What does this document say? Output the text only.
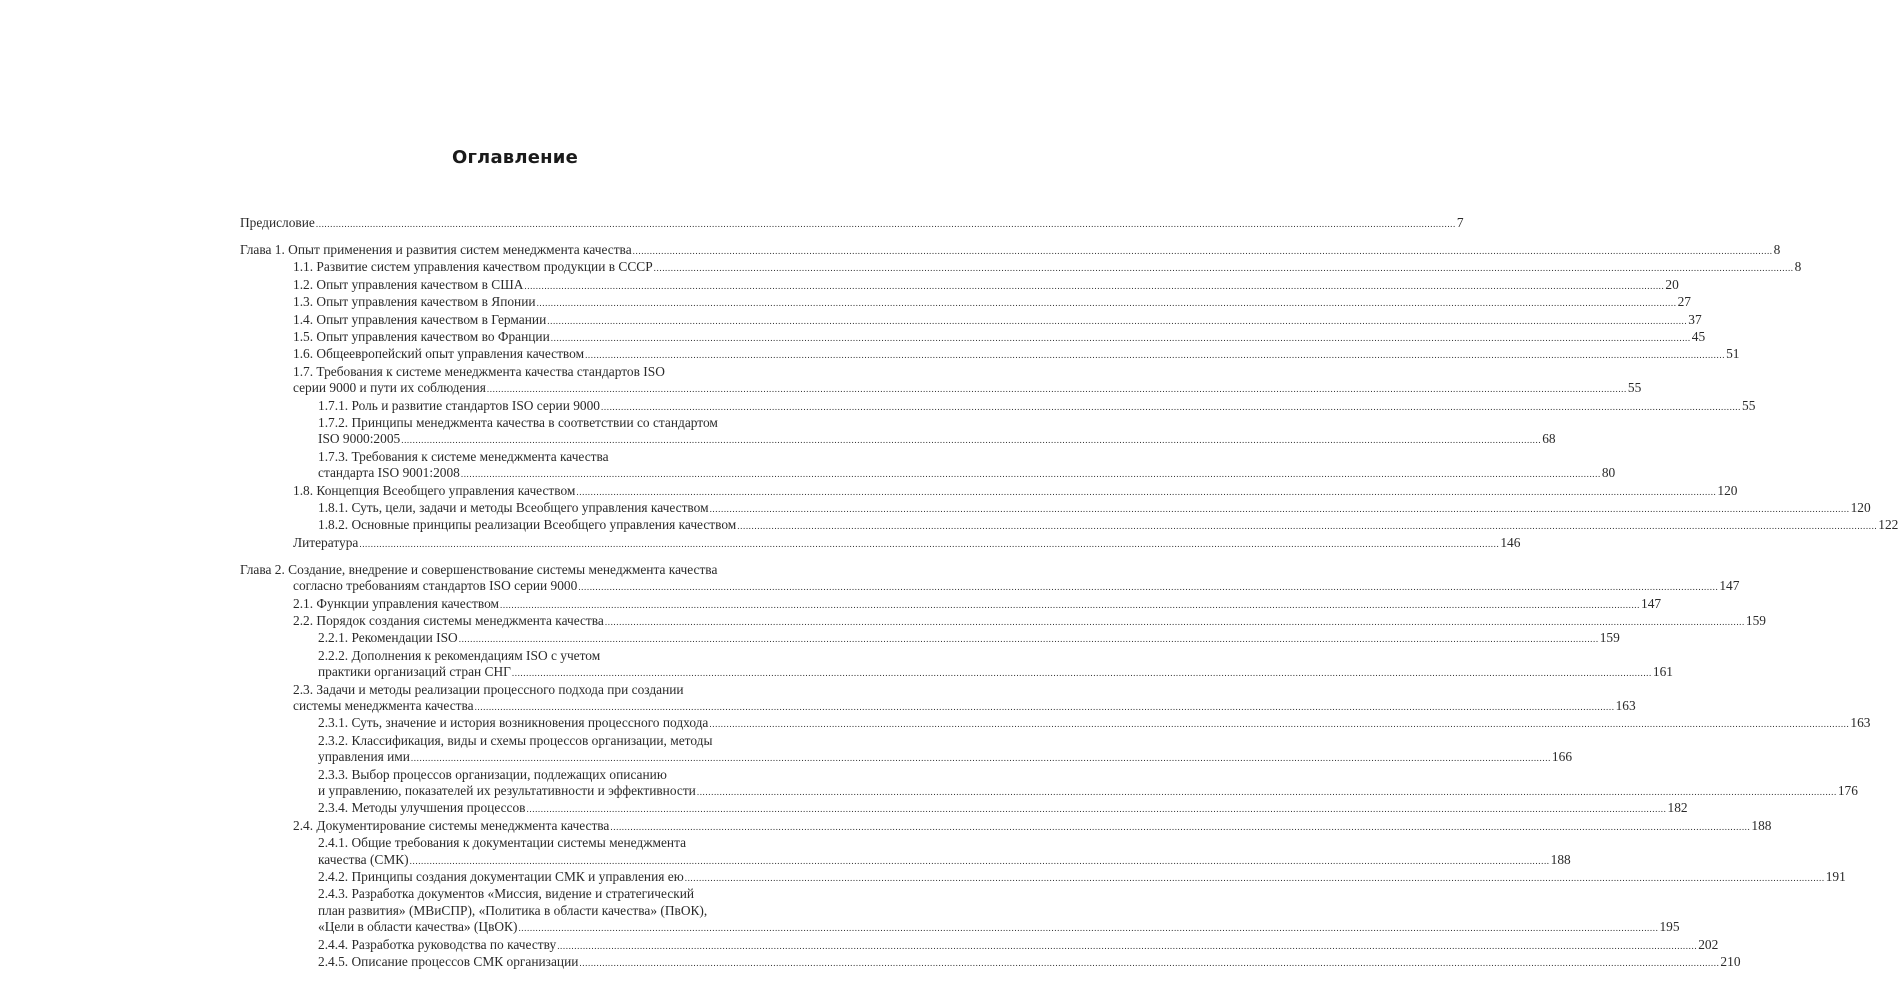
Оглавление
Предисловие ................................................................................................................................................................................................................................................................................................................................................................................................................ 7
Глава 1. Опыт применения и развития систем менеджмента качества ................................................................................................................................................................................................................................................................................................................................................................................................................ 8
1.1. Развитие систем управления качеством продукции в СССР ................................................................................................................................................................................................................................................................................................................................................................................................................ 8
1.2. Опыт управления качеством в США ................................................................................................................................................................................................................................................................................................................................................................................................................ 20
1.3. Опыт управления качеством в Японии ................................................................................................................................................................................................................................................................................................................................................................................................................ 27
1.4. Опыт управления качеством в Германии ................................................................................................................................................................................................................................................................................................................................................................................................................ 37
1.5. Опыт управления качеством во Франции ................................................................................................................................................................................................................................................................................................................................................................................................................ 45
1.6. Общеевропейский опыт управления качеством ................................................................................................................................................................................................................................................................................................................................................................................................................ 51
1.7. Требования к системе менеджмента качества стандартов ISO
серии 9000 и пути их соблюдения ................................................................................................................................................................................................................................................................................................................................................................................................................ 55
1.7.1. Роль и развитие стандартов ISO серии 9000 ................................................................................................................................................................................................................................................................................................................................................................................................................ 55
1.7.2. Принципы менеджмента качества в соответствии со стандартом
ISO 9000:2005 ................................................................................................................................................................................................................................................................................................................................................................................................................ 68
1.7.3. Требования к системе менеджмента качества
стандарта ISO 9001:2008 ................................................................................................................................................................................................................................................................................................................................................................................................................ 80
1.8. Концепция Всеобщего управления качеством ................................................................................................................................................................................................................................................................................................................................................................................................................ 120
1.8.1. Суть, цели, задачи и методы Всеобщего управления качеством ................................................................................................................................................................................................................................................................................................................................................................................................................ 120
1.8.2. Основные принципы реализации Всеобщего управления качеством ................................................................................................................................................................................................................................................................................................................................................................................................................ 122
Литература ................................................................................................................................................................................................................................................................................................................................................................................................................ 146
Глава 2. Создание, внедрение и совершенствование системы менеджмента качества
согласно требованиям стандартов ISO серии 9000 ................................................................................................................................................................................................................................................................................................................................................................................................................ 147
2.1. Функции управления качеством ................................................................................................................................................................................................................................................................................................................................................................................................................ 147
2.2. Порядок создания системы менеджмента качества ................................................................................................................................................................................................................................................................................................................................................................................................................ 159
2.2.1. Рекомендации ISO ................................................................................................................................................................................................................................................................................................................................................................................................................ 159
2.2.2. Дополнения к рекомендациям ISO с учетом
практики организаций стран СНГ ................................................................................................................................................................................................................................................................................................................................................................................................................ 161
2.3. Задачи и методы реализации процессного подхода при создании
системы менеджмента качества ................................................................................................................................................................................................................................................................................................................................................................................................................ 163
2.3.1. Суть, значение и история возникновения процессного подхода ................................................................................................................................................................................................................................................................................................................................................................................................................ 163
2.3.2. Классификация, виды и схемы процессов организации, методы
управления ими ................................................................................................................................................................................................................................................................................................................................................................................................................ 166
2.3.3. Выбор процессов организации, подлежащих описанию
и управлению, показателей их результативности и эффективности ................................................................................................................................................................................................................................................................................................................................................................................................................ 176
2.3.4. Методы улучшения процессов ................................................................................................................................................................................................................................................................................................................................................................................................................ 182
2.4. Документирование системы менеджмента качества ................................................................................................................................................................................................................................................................................................................................................................................................................ 188
2.4.1. Общие требования к документации системы менеджмента
качества (СМК) ................................................................................................................................................................................................................................................................................................................................................................................................................ 188
2.4.2. Принципы создания документации СМК и управления ею ................................................................................................................................................................................................................................................................................................................................................................................................................ 191
2.4.3. Разработка документов «Миссия, видение и стратегический
план развития» (МВиСПР), «Политика в области качества» (ПвОК),
«Цели в области качества» (ЦвОК) ................................................................................................................................................................................................................................................................................................................................................................................................................ 195
2.4.4. Разработка руководства по качеству ................................................................................................................................................................................................................................................................................................................................................................................................................ 202
2.4.5. Описание процессов СМК организации ................................................................................................................................................................................................................................................................................................................................................................................................................ 210
